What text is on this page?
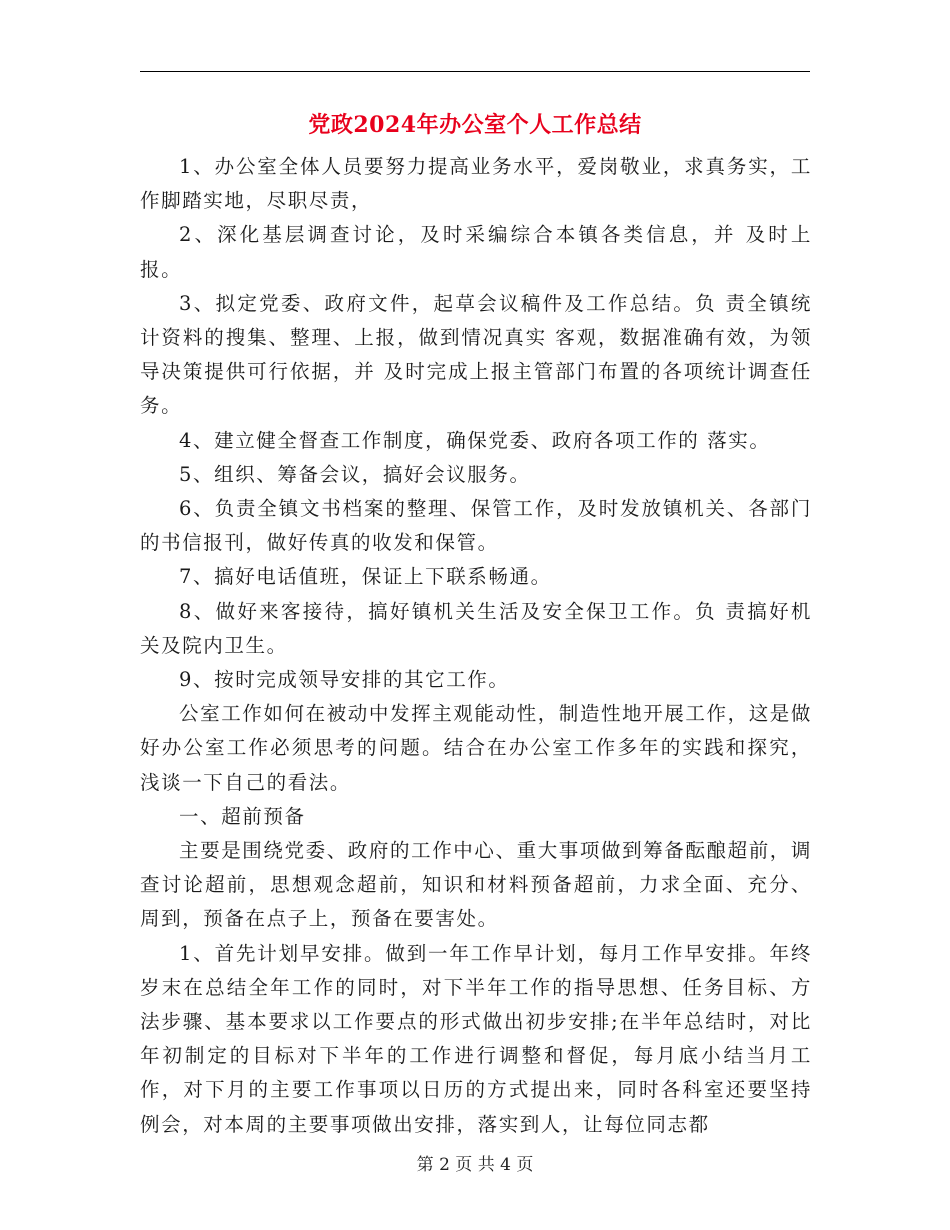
党政2024年办公室个人工作总结

1、办公室全体人员要努力提高业务水平，爱岗敬业，求真务实，工作脚踏实地，尽职尽责，

2、深化基层调查讨论，及时采编综合本镇各类信息，并 及时上报。

3、拟定党委、政府文件，起草会议稿件及工作总结。负 责全镇统计资料的搜集、整理、上报，做到情况真实 客观，数据准确有效，为领导决策提供可行依据，并 及时完成上报主管部门布置的各项统计调查任务。

4、建立健全督查工作制度，确保党委、政府各项工作的 落实。

5、组织、筹备会议，搞好会议服务。

6、负责全镇文书档案的整理、保管工作，及时发放镇机关、各部门的书信报刊，做好传真的收发和保管。

7、搞好电话值班，保证上下联系畅通。

8、做好来客接待，搞好镇机关生活及安全保卫工作。负 责搞好机关及院内卫生。

9、按时完成领导安排的其它工作。

公室工作如何在被动中发挥主观能动性，制造性地开展工作，这是做好办公室工作必须思考的问题。结合在办公室工作多年的实践和探究，浅谈一下自己的看法。

一、超前预备

主要是围绕党委、政府的工作中心、重大事项做到筹备酝酿超前，调查讨论超前，思想观念超前，知识和材料预备超前，力求全面、充分、周到，预备在点子上，预备在要害处。

1、首先计划早安排。做到一年工作早计划，每月工作早安排。年终岁末在总结全年工作的同时，对下半年工作的指导思想、任务目标、方法步骤、基本要求以工作要点的形式做出初步安排;在半年总结时，对比年初制定的目标对下半年的工作进行调整和督促，每月底小结当月工作，对下月的主要工作事项以日历的方式提出来，同时各科室还要坚持例会，对本周的主要事项做出安排，落实到人，让每位同志都

第 2 页 共 4 页
